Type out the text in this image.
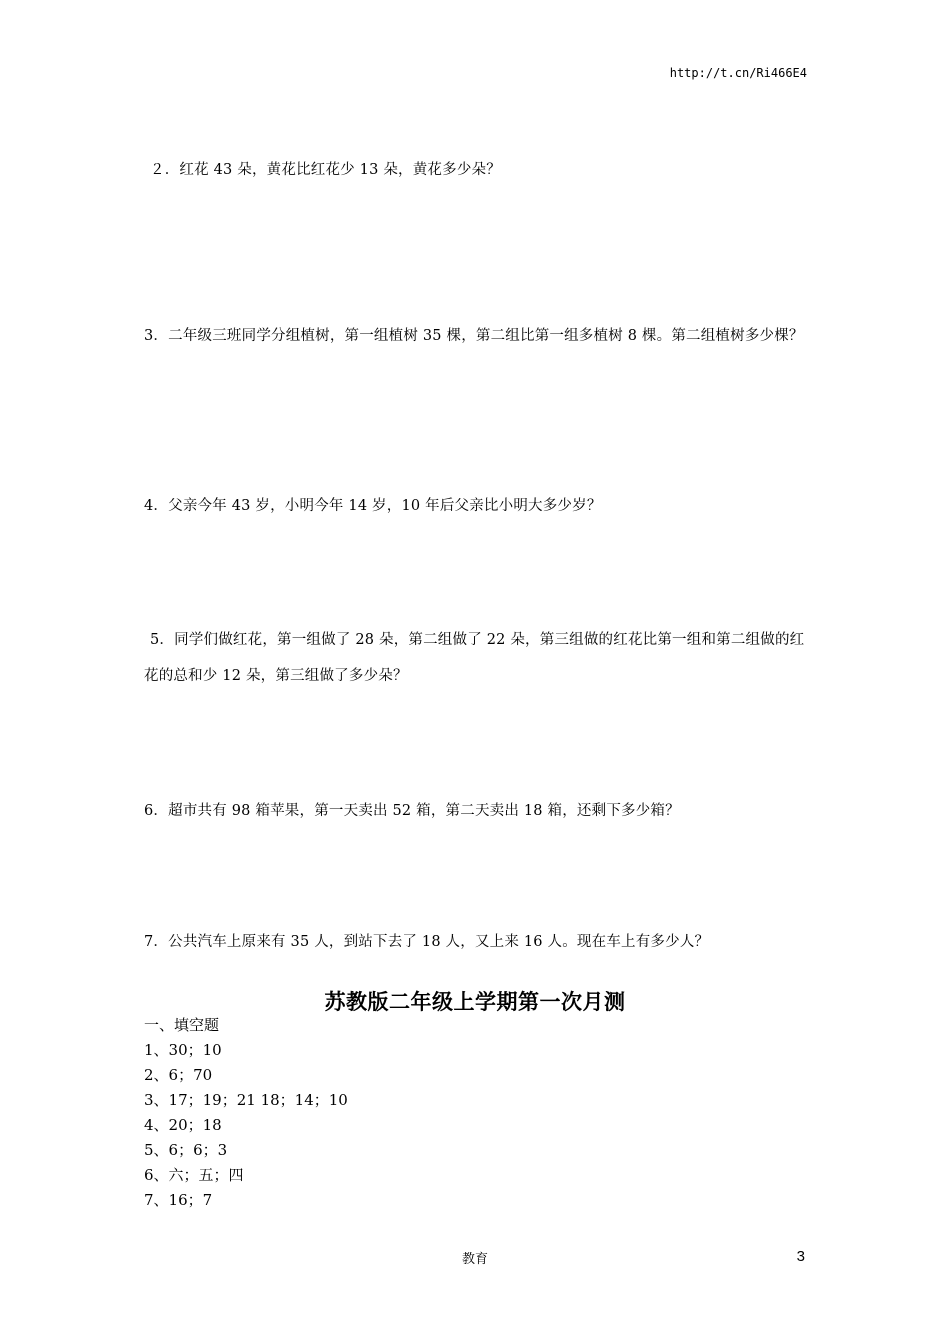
http://t.cn/Ri466E4
２．红花 43 朵，黄花比红花少 13 朵，黄花多少朵？
3．二年级三班同学分组植树，第一组植树 35 棵，第二组比第一组多植树 8 棵。第二组植树多少棵？
4．父亲今年 43 岁，小明今年 14 岁，10 年后父亲比小明大多少岁？
5．同学们做红花，第一组做了 28 朵，第二组做了 22 朵，第三组做的红花比第一组和第二组做的红花的总和少 12 朵，第三组做了多少朵？
6．超市共有 98 箱苹果，第一天卖出 52 箱，第二天卖出 18 箱，还剩下多少箱？
7．公共汽车上原来有 35 人，到站下去了 18 人，又上来 16 人。现在车上有多少人？
苏教版二年级上学期第一次月测
一、填空题
1、30；10
2、6；70
3、17；19；21 18；14；10
4、20；18
5、6；6；3
6、六；五；四
7、16；7
教育	3
